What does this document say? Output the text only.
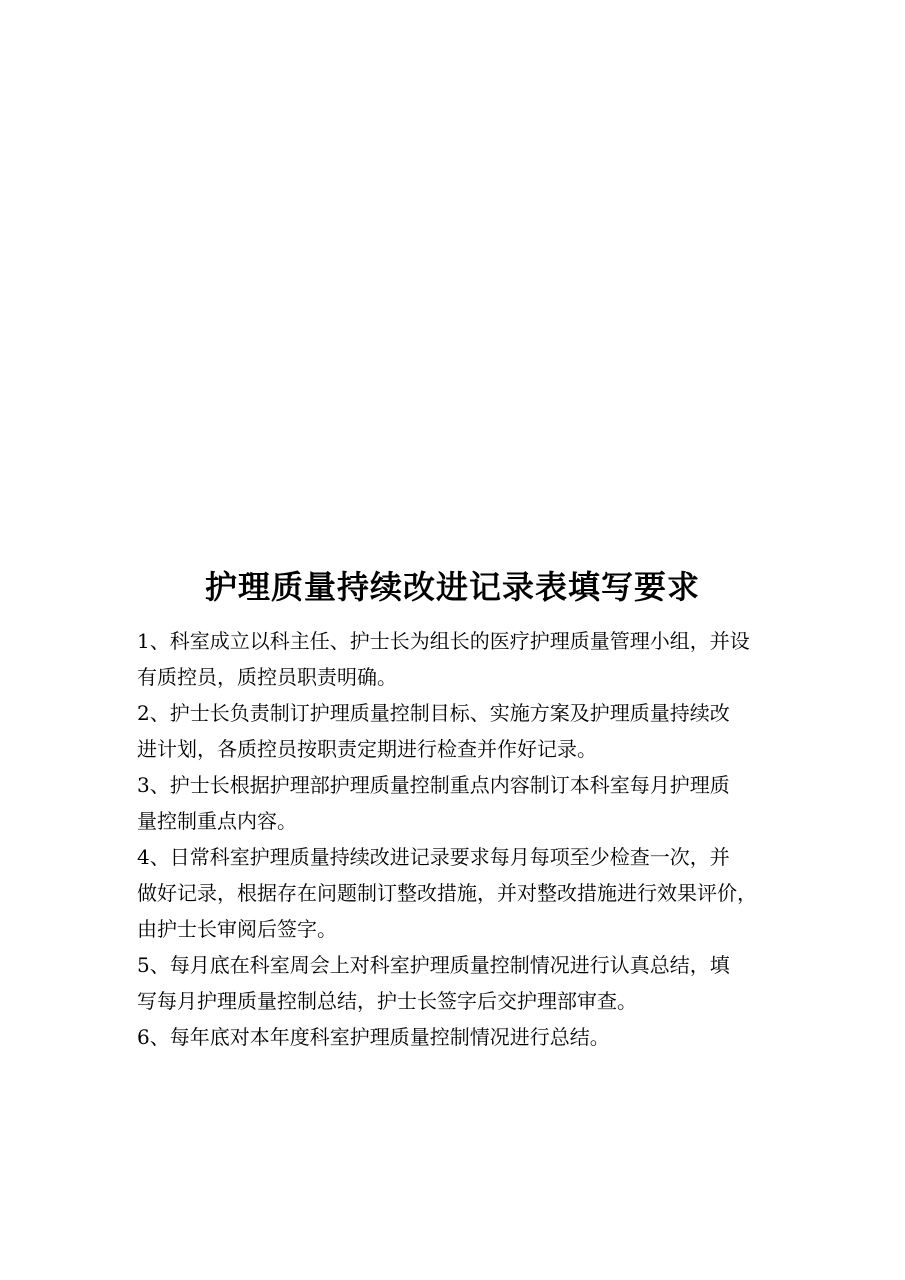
护理质量持续改进记录表填写要求
1、科室成立以科主任、护士长为组长的医疗护理质量管理小组，并设
有质控员，质控员职责明确。
2、护士长负责制订护理质量控制目标、实施方案及护理质量持续改
进计划，各质控员按职责定期进行检查并作好记录。
3、护士长根据护理部护理质量控制重点内容制订本科室每月护理质
量控制重点内容。
4、日常科室护理质量持续改进记录要求每月每项至少检查一次，并
做好记录，根据存在问题制订整改措施，并对整改措施进行效果评价，
由护士长审阅后签字。
5、每月底在科室周会上对科室护理质量控制情况进行认真总结，填
写每月护理质量控制总结，护士长签字后交护理部审查。
6、每年底对本年度科室护理质量控制情况进行总结。
